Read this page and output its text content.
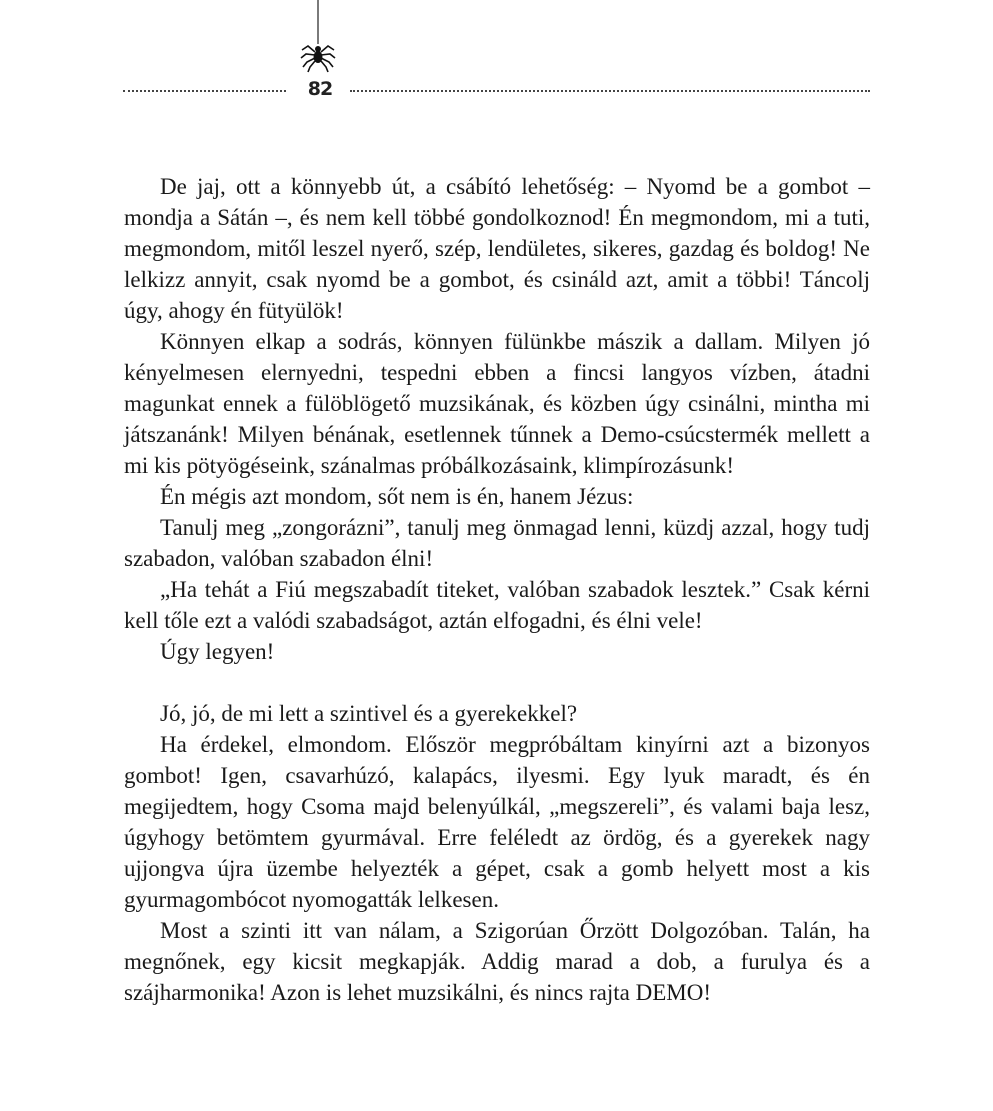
82

De jaj, ott a könnyebb út, a csábító lehetőség: – Nyomd be a gombot – mondja a Sátán –, és nem kell többé gondolkoznod! Én megmondom, mi a tuti, megmondom, mitől leszel nyerő, szép, lendületes, sikeres, gazdag és boldog! Ne lelkizz annyit, csak nyomd be a gombot, és csináld azt, amit a többi! Táncolj úgy, ahogy én fütyülök!

Könnyen elkap a sodrás, könnyen fülünkbe mászik a dallam. Milyen jó kényelmesen elernyedni, tespedni ebben a fincsi langyos vízben, átadni magunkat ennek a fülöblögető muzsikának, és közben úgy csinálni, mintha mi játszanánk! Milyen bénának, esetlennek tűnnek a Demo-csúcstermék mellett a mi kis pötyögéseink, szánalmas próbálkozásaink, klimpírozásunk!

Én mégis azt mondom, sőt nem is én, hanem Jézus:

Tanulj meg „zongorázni”, tanulj meg önmagad lenni, küzdj azzal, hogy tudj szabadon, valóban szabadon élni!

„Ha tehát a Fiú megszabadít titeket, valóban szabadok lesztek.” Csak kérni kell tőle ezt a valódi szabadságot, aztán elfogadni, és élni vele!

Úgy legyen!

Jó, jó, de mi lett a szintivel és a gyerekekkel?

Ha érdekel, elmondom. Először megpróbáltam kinyírni azt a bizonyos gombot! Igen, csavarhúzó, kalapács, ilyesmi. Egy lyuk maradt, és én megijedtem, hogy Csoma majd belenyúlkál, „megszereli”, és valami baja lesz, úgyhogy betömtem gyurmával. Erre feléledt az ördög, és a gyerekek nagy ujjongva újra üzembe helyezték a gépet, csak a gomb helyett most a kis gyurmagombócot nyomogatták lelkesen.

Most a szinti itt van nálam, a Szigorúan Őrzött Dolgozóban. Talán, ha megnőnek, egy kicsit megkapják. Addig marad a dob, a furulya és a szájharmonika! Azon is lehet muzsikálni, és nincs rajta DEMO!
